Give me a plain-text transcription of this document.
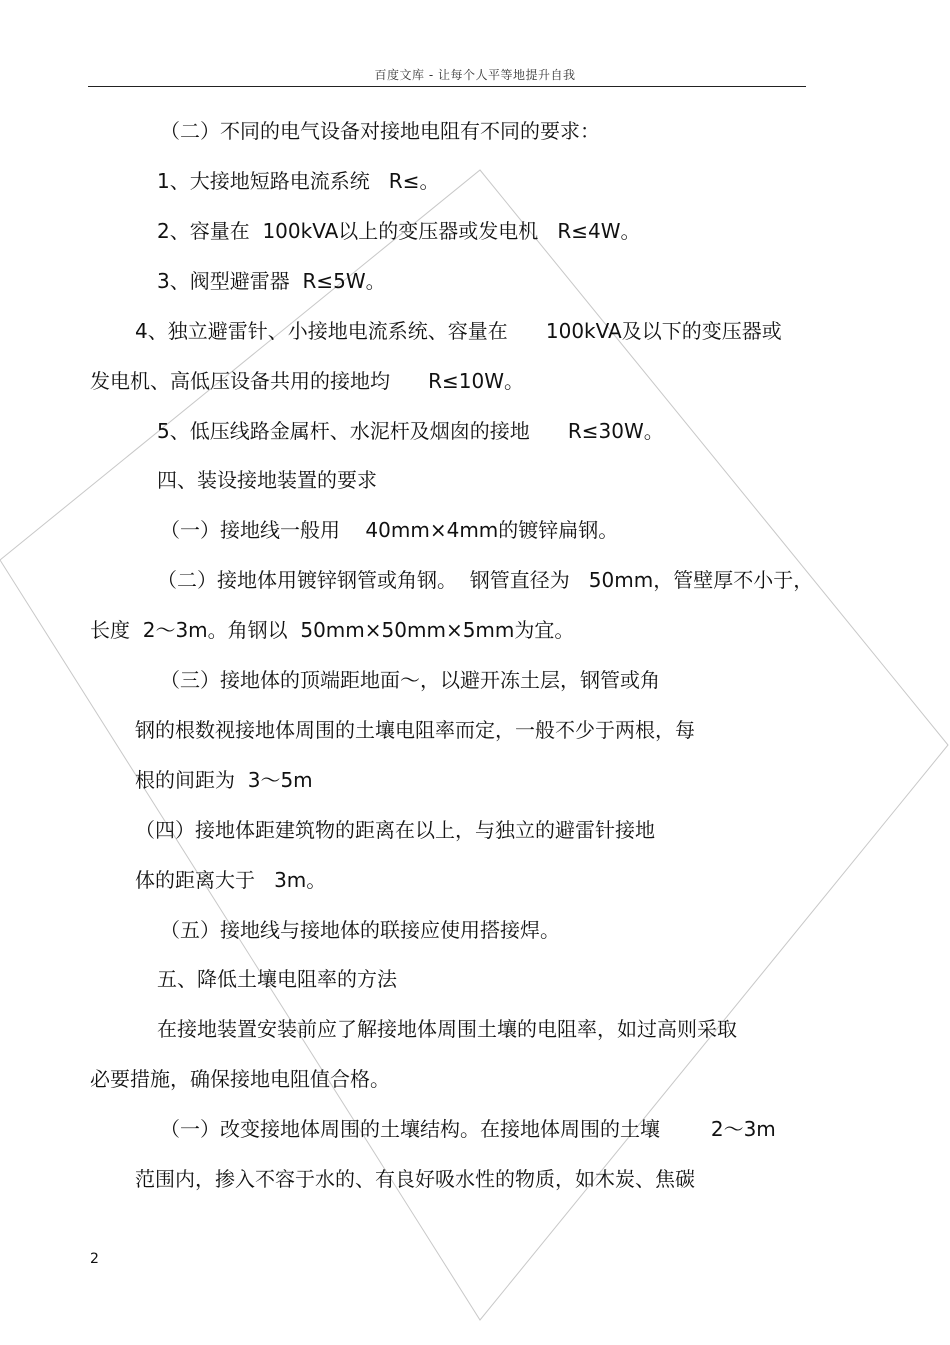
百度文库 - 让每个人平等地提升自我
（二）不同的电气设备对接地电阻有不同的要求：
1、大接地短路电流系统   R≤。
2、容量在  100kVA以上的变压器或发电机   R≤4W。
3、阀型避雷器  R≤5W。
4、独立避雷针、小接地电流系统、容量在      100kVA及以下的变压器或
发电机、高低压设备共用的接地均      R≤10W。
5、低压线路金属杆、水泥杆及烟囱的接地      R≤30W。
四、装设接地装置的要求
（一）接地线一般用    40mm×4mm的镀锌扁钢。
（二）接地体用镀锌钢管或角钢。  钢管直径为   50mm，管壁厚不小于，
长度  2～3m。角钢以  50mm×50mm×5mm为宜。
（三）接地体的顶端距地面～，以避开冻土层，钢管或角
钢的根数视接地体周围的土壤电阻率而定，一般不少于两根，每
根的间距为  3～5m
（四）接地体距建筑物的距离在以上，与独立的避雷针接地
体的距离大于   3m。
（五）接地线与接地体的联接应使用搭接焊。
五、降低土壤电阻率的方法
在接地装置安装前应了解接地体周围土壤的电阻率，如过高则采取
必要措施，确保接地电阻值合格。
（一）改变接地体周围的土壤结构。在接地体周围的土壤        2～3m
范围内，掺入不容于水的、有良好吸水性的物质，如木炭、焦碳
2
